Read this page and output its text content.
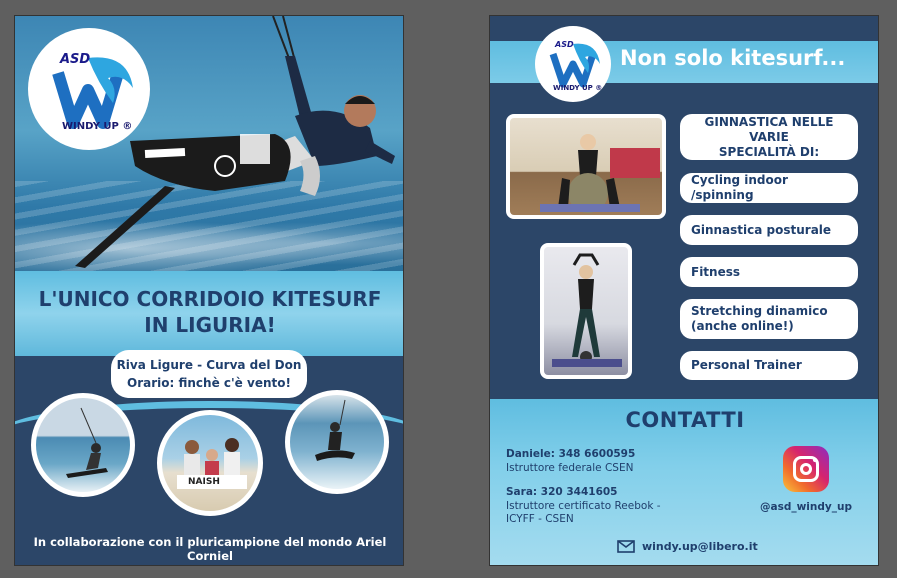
ASD
WINDY UP ®
L'UNICO CORRIDOIO KITESURF
IN LIGURIA!
Riva Ligure - Curva del Don
Orario: finchè c'è vento!
NAISH
In collaborazione con il pluricampione del mondo Ariel Corniel
ASD
WINDY UP ®
Non solo kitesurf...
GINNASTICA NELLE VARIE
SPECIALITÀ DI:
Cycling indoor /spinning
Ginnastica posturale
Fitness
Stretching dinamico
(anche online!)
Personal Trainer
CONTATTI
Daniele: 348 6600595
Istruttore federale CSEN
Sara: 320 3441605
Istruttore certificato Reebok -
ICYFF - CSEN
@asd_windy_up
windy.up@libero.it
